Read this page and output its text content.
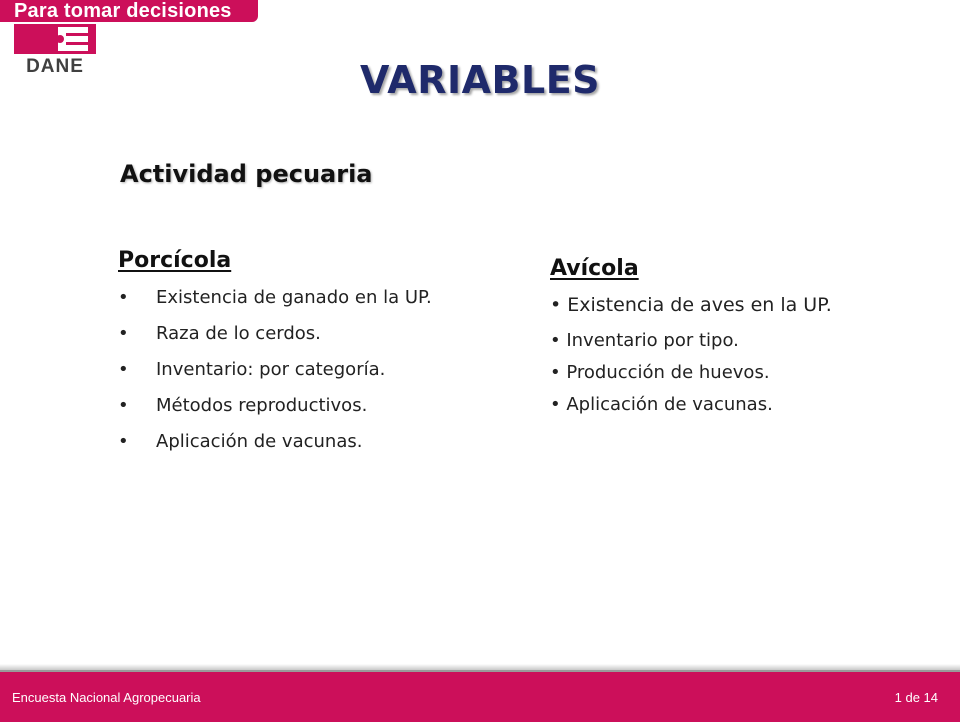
Para tomar decisiones
DANE	VARIABLES
Actividad pecuaria
Porcícola
• Existencia de ganado en la UP.
• Raza de lo cerdos.
• Inventario: por categoría.
• Métodos reproductivos.
• Aplicación de vacunas.
Avícola
• Existencia de aves en la UP.
• Inventario por tipo.
• Producción de huevos.
• Aplicación de vacunas.
Encuesta Nacional Agropecuaria	1 de 14
